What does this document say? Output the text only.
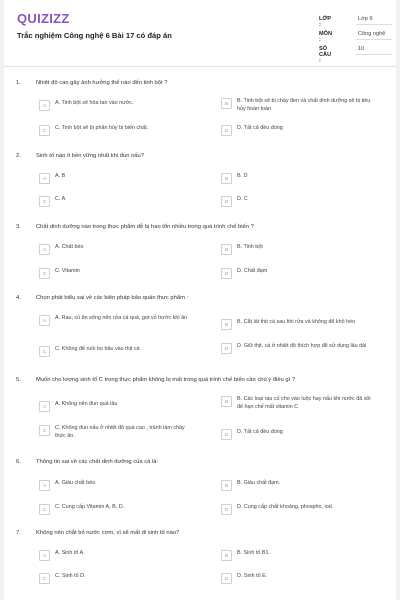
QUIZIZZ
Trắc nghiệm Công nghệ 6 Bài 17 có đáp án
LỚP :
Lớp 6
MÔN :
Công nghệ
SỐ CÂU :
10
1.	Nhiệt độ cao gây ảnh hưởng thế nào đến tinh bột ?
A	A. Tinh bột sẽ hòa tan vào nước.	B	B. Tinh bột sẽ bị cháy đen và chất dinh dưỡng sẽ bị tiêu hủy hoàn toàn
C	C. Tinh bột sẽ bị phân hủy bị biến chất.	D	D. Tất cả đều đúng
2.	Sinh tố nào ít bền vững nhất khi đun nấu?
A	A. B	B	B. D
C	C. A	D	D. C
3.	Chất dinh dưỡng nào trong thực phẩm dễ bị hao tổn nhiều trong quá trình chế biến ?
A	A. Chất béo	B	B. Tinh bột
C	C. Vitamin	D	D. Chất đạm
4.	Chọn phát biểu sai về các biện pháp bảo quản thực phẩm :
A	A. Rau, củ ăn sống nên rửa cả quả, gọt vỏ trước khi ăn
B	B. Cắt lát thịt cá sau khi rửa và không để khô héo
C	C. Không để ruồi bọ bâu vào thịt cá	D	D. Giữ thịt, cá ở nhiệt độ thích hợp để sử dụng lâu dài
5.	Muốn cho lượng sinh tố C trong thực phẩm không bị mất trong quá trình chế biến cần chú ý điều gì ?
A	A. Không nên đun quá lâu	B	B. Các loại rau củ cho vào luộc hay nấu khi nước đã sôi để hạn chế mất vitamin C
C	C. Không đun nấu ở nhiệt độ quá cao , tránh làm cháy thức ăn.	D	D. Tất cả đều đúng
6.	Thông tin sai về các chất dinh dưỡng của cá là:
A	A. Giàu chất béo.	B	B. Giàu chất đạm.
C	C. Cung cấp Vitamin A, B, D.	D	D. Cung cấp chất khoáng, phospho, iod.
7.	Không nên chắt bỏ nước cơm, vì sẽ mất đi sinh tố nào?
A	A. Sinh tố A.	B	B. Sinh tố B1.
C	C. Sinh tố D.	D	D. Sinh tố E.
